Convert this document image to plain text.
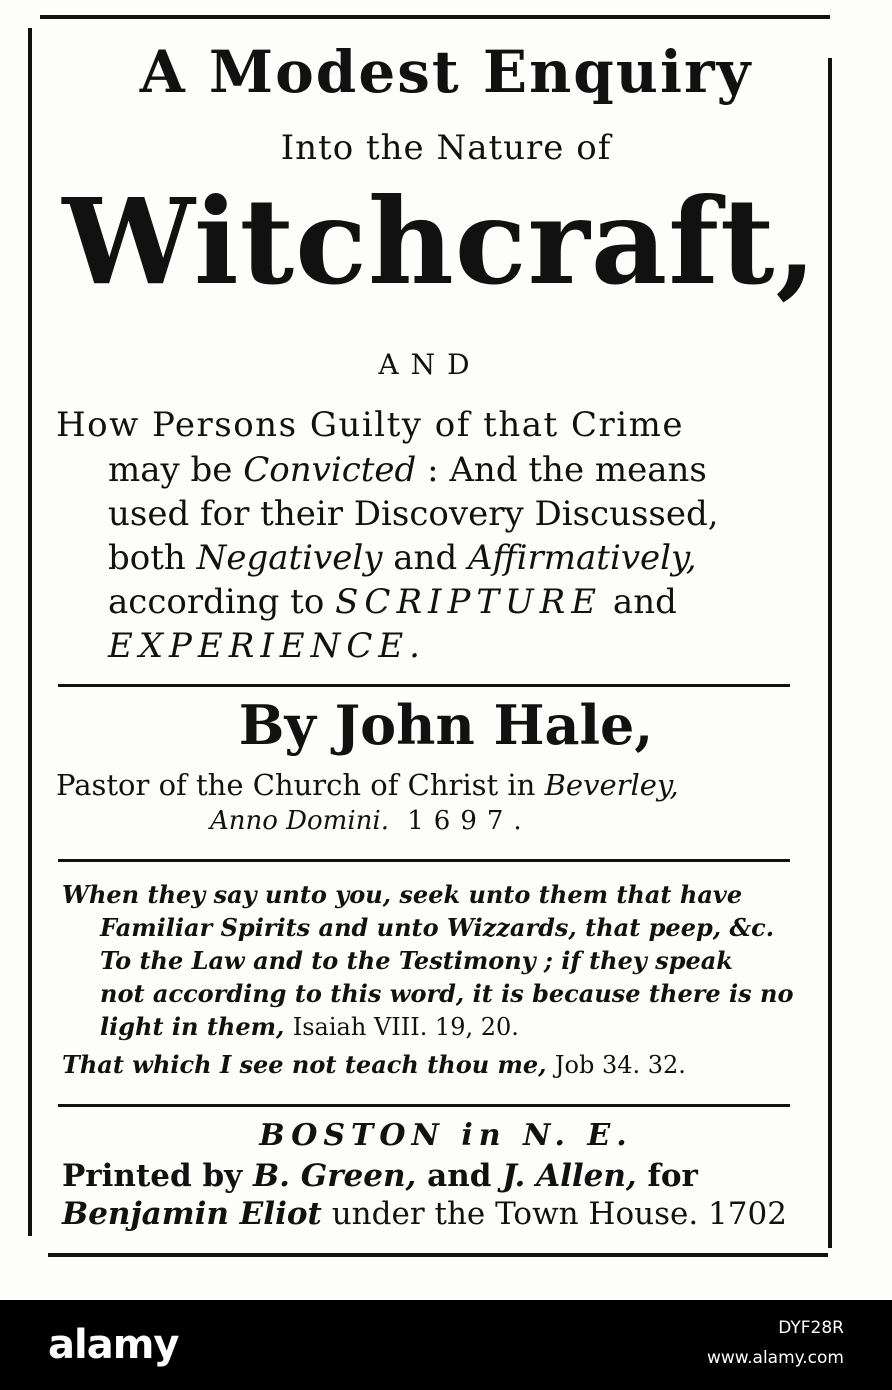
A Modest Enquiry
Into the Nature of
Witchcraft,
AND
How Persons Guilty of that Crime
may be Convicted : And the means
used for their Discovery Discussed,
both Negatively and Affirmatively,
according to SCRIPTURE and
EXPERIENCE.
By John Hale,
Pastor of the Church of Christ in Beverley,
Anno Domini. 1697.
When they say unto you, seek unto them that have
Familiar Spirits and unto Wizzards, that peep, &c.
To the Law and to the Testimony ; if they speak
not according to this word, it is because there is no
light in them, Isaiah VIII. 19, 20.
That which I see not teach thou me, Job 34. 32.
BOSTON in N. E.
Printed by B. Green, and J. Allen, for
Benjamin Eliot under the Town House. 1702
alamy	DYF28R
www.alamy.com
